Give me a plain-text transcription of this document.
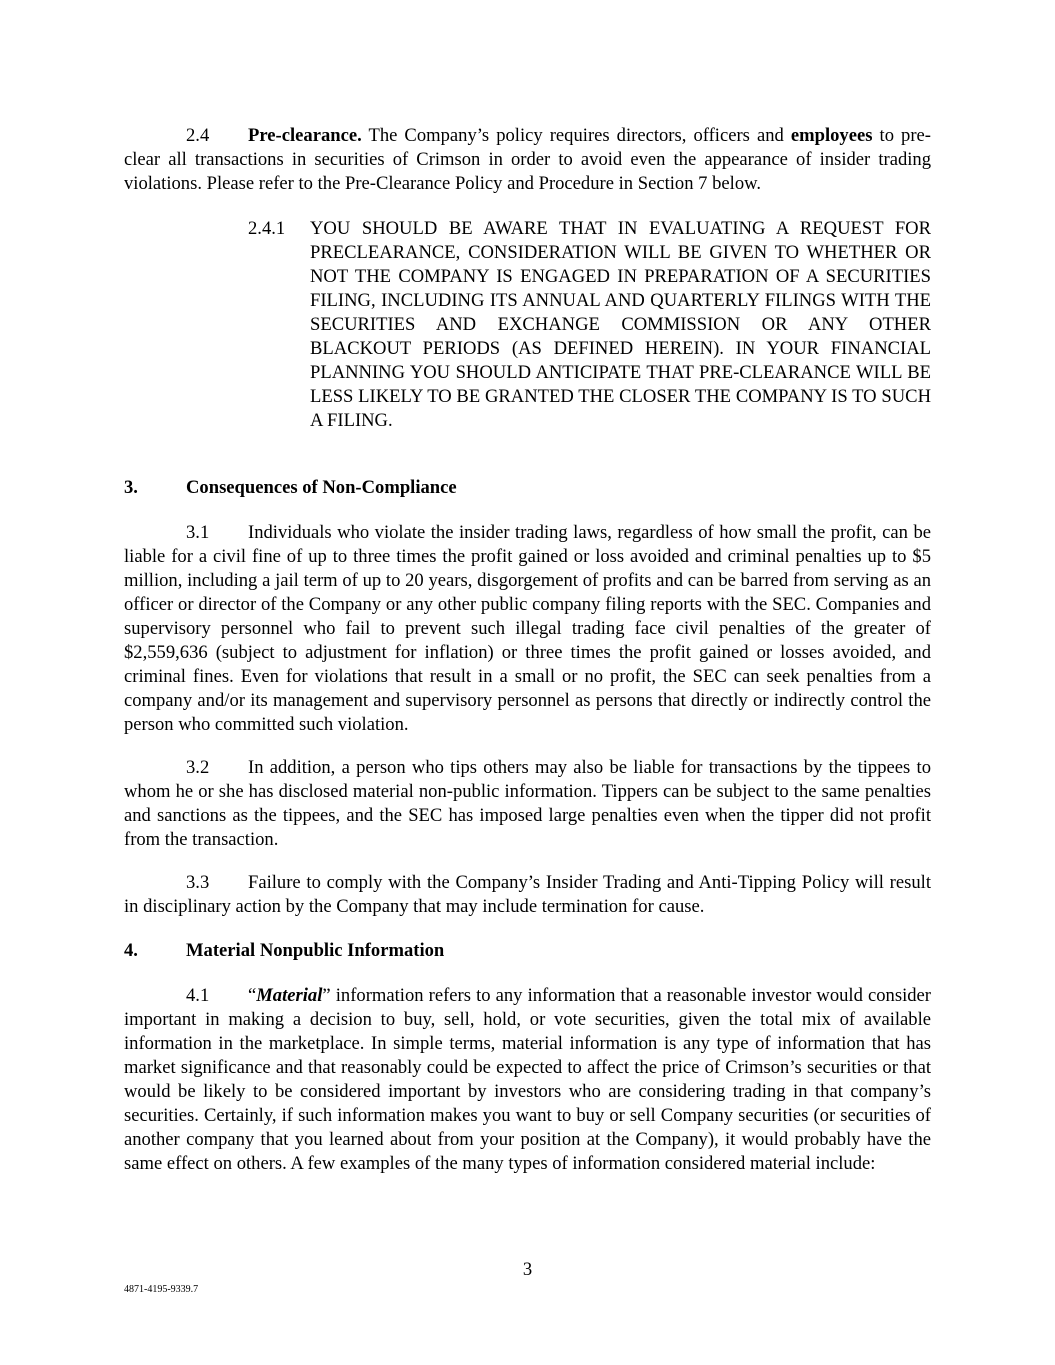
2.4 Pre-clearance. The Company’s policy requires directors, officers and employees to pre-clear all transactions in securities of Crimson in order to avoid even the appearance of insider trading violations. Please refer to the Pre-Clearance Policy and Procedure in Section 7 below.

2.4.1 YOU SHOULD BE AWARE THAT IN EVALUATING A REQUEST FOR PRECLEARANCE, CONSIDERATION WILL BE GIVEN TO WHETHER OR NOT THE COMPANY IS ENGAGED IN PREPARATION OF A SECURITIES FILING, INCLUDING ITS ANNUAL AND QUARTERLY FILINGS WITH THE SECURITIES AND EXCHANGE COMMISSION OR ANY OTHER BLACKOUT PERIODS (AS DEFINED HEREIN). IN YOUR FINANCIAL PLANNING YOU SHOULD ANTICIPATE THAT PRE-CLEARANCE WILL BE LESS LIKELY TO BE GRANTED THE CLOSER THE COMPANY IS TO SUCH A FILING.

3.	Consequences of Non-Compliance

3.1 Individuals who violate the insider trading laws, regardless of how small the profit, can be liable for a civil fine of up to three times the profit gained or loss avoided and criminal penalties up to $5 million, including a jail term of up to 20 years, disgorgement of profits and can be barred from serving as an officer or director of the Company or any other public company filing reports with the SEC. Companies and supervisory personnel who fail to prevent such illegal trading face civil penalties of the greater of $2,559,636 (subject to adjustment for inflation) or three times the profit gained or losses avoided, and criminal fines. Even for violations that result in a small or no profit, the SEC can seek penalties from a company and/or its management and supervisory personnel as persons that directly or indirectly control the person who committed such violation.

3.2 In addition, a person who tips others may also be liable for transactions by the tippees to whom he or she has disclosed material non-public information. Tippers can be subject to the same penalties and sanctions as the tippees, and the SEC has imposed large penalties even when the tipper did not profit from the transaction.

3.3 Failure to comply with the Company’s Insider Trading and Anti-Tipping Policy will result in disciplinary action by the Company that may include termination for cause.

4.	Material Nonpublic Information

4.1 “Material” information refers to any information that a reasonable investor would consider important in making a decision to buy, sell, hold, or vote securities, given the total mix of available information in the marketplace. In simple terms, material information is any type of information that has market significance and that reasonably could be expected to affect the price of Crimson’s securities or that would be likely to be considered important by investors who are considering trading in that company’s securities. Certainly, if such information makes you want to buy or sell Company securities (or securities of another company that you learned about from your position at the Company), it would probably have the same effect on others. A few examples of the many types of information considered material include:

3
4871-4195-9339.7
